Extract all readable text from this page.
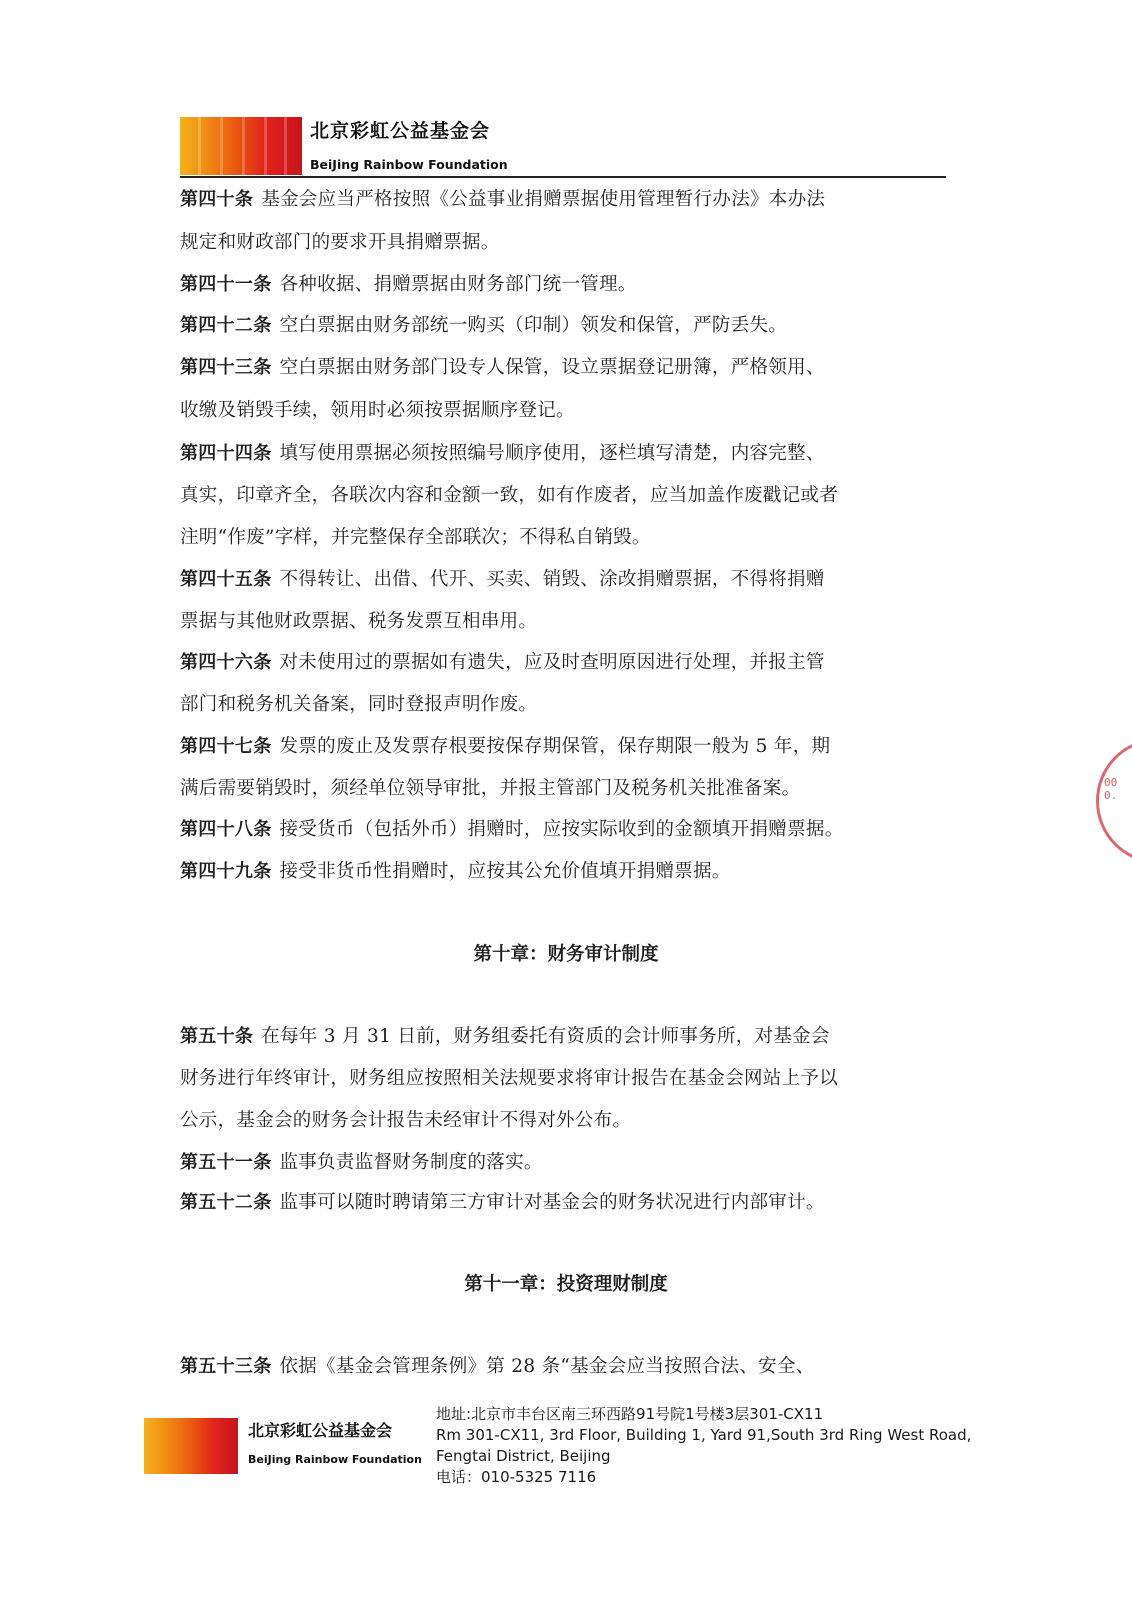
北京彩虹公益基金会
BeiJing Rainbow Foundation
第四十条 基金会应当严格按照《公益事业捐赠票据使用管理暂行办法》本办法
规定和财政部门的要求开具捐赠票据。
第四十一条 各种收据、捐赠票据由财务部门统一管理。
第四十二条 空白票据由财务部统一购买（印制）领发和保管，严防丢失。
第四十三条 空白票据由财务部门设专人保管，设立票据登记册簿，严格领用、
收缴及销毁手续，领用时必须按票据顺序登记。
第四十四条 填写使用票据必须按照编号顺序使用，逐栏填写清楚，内容完整、
真实，印章齐全，各联次内容和金额一致，如有作废者，应当加盖作废戳记或者
注明“作废”字样，并完整保存全部联次；不得私自销毁。
第四十五条 不得转让、出借、代开、买卖、销毁、涂改捐赠票据，不得将捐赠
票据与其他财政票据、税务发票互相串用。
第四十六条 对未使用过的票据如有遗失，应及时查明原因进行处理，并报主管
部门和税务机关备案，同时登报声明作废。
第四十七条 发票的废止及发票存根要按保存期保管，保存期限一般为 5 年，期
满后需要销毁时，须经单位领导审批，并报主管部门及税务机关批准备案。
第四十八条 接受货币（包括外币）捐赠时，应按实际收到的金额填开捐赠票据。
第四十九条 接受非货币性捐赠时，应按其公允价值填开捐赠票据。
第十章：财务审计制度
第五十条 在每年 3 月 31 日前，财务组委托有资质的会计师事务所，对基金会
财务进行年终审计，财务组应按照相关法规要求将审计报告在基金会网站上予以
公示，基金会的财务会计报告未经审计不得对外公布。
第五十一条 监事负责监督财务制度的落实。
第五十二条 监事可以随时聘请第三方审计对基金会的财务状况进行内部审计。
第十一章：投资理财制度
第五十三条 依据《基金会管理条例》第 28 条“基金会应当按照合法、安全、
000.
北京彩虹公益基金会
BeiJing Rainbow Foundation
地址:北京市丰台区南三环西路91号院1号楼3层301-CX11
Rm 301-CX11, 3rd Floor, Building 1, Yard 91,South 3rd Ring West Road,
Fengtai District, Beijing
电话：010-5325 7116
